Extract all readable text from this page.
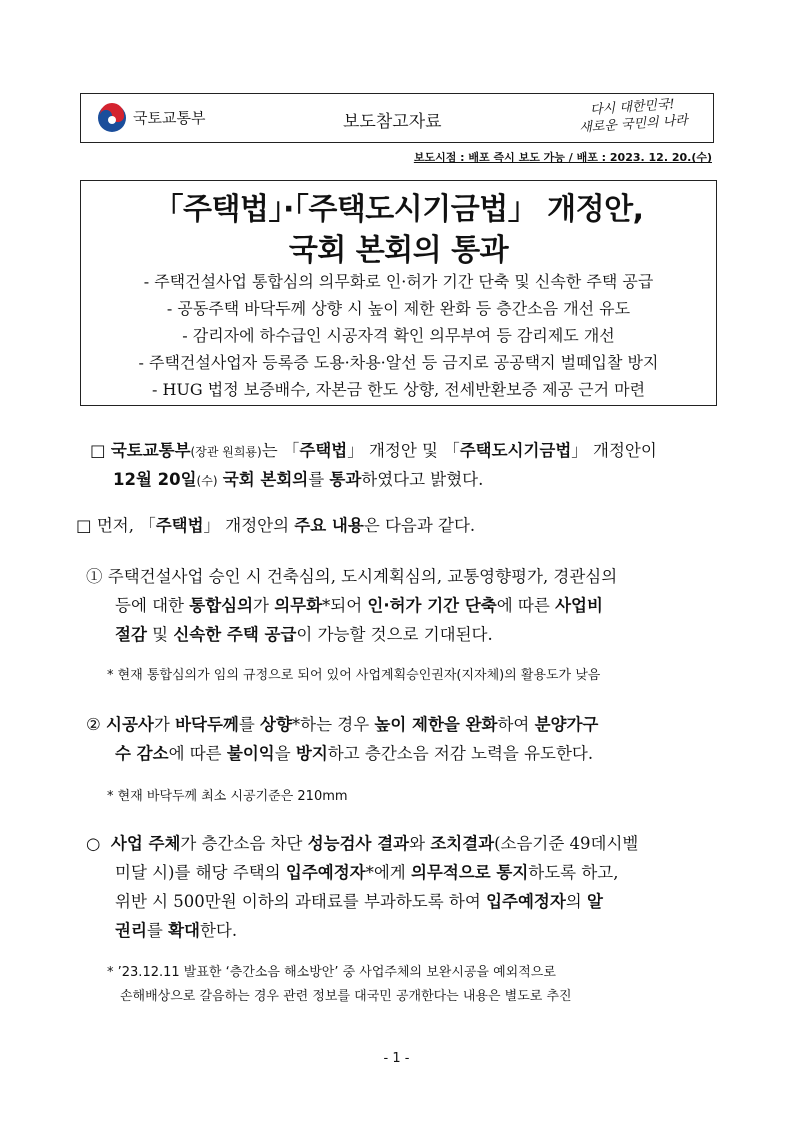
국토교통부	보도참고자료
다시 대한민국!
새로운 국민의 나라
보도시점 : 배포 즉시 보도 가능 / 배포 : 2023. 12. 20.(수)
「주택법」·「주택도시기금법」 개정안,
국회 본회의 통과
- 주택건설사업 통합심의 의무화로 인·허가 기간 단축 및 신속한 주택 공급
- 공동주택 바닥두께 상향 시 높이 제한 완화 등 층간소음 개선 유도
- 감리자에 하수급인 시공자격 확인 의무부여 등 감리제도 개선
- 주택건설사업자 등록증 도용·차용·알선 등 금지로 공공택지 벌떼입찰 방지
- HUG 법정 보증배수, 자본금 한도 상향, 전세반환보증 제공 근거 마련
□ 국토교통부(장관 원희룡)는 「주택법」 개정안 및 「주택도시기금법」 개정안이
12월 20일(수) 국회 본회의를 통과하였다고 밝혔다.
□ 먼저, 「주택법」 개정안의 주요 내용은 다음과 같다.
① 주택건설사업 승인 시 건축심의, 도시계획심의, 교통영향평가, 경관심의
등에 대한 통합심의가 의무화*되어 인·허가 기간 단축에 따른 사업비
절감 및 신속한 주택 공급이 가능할 것으로 기대된다.
* 현재 통합심의가 임의 규정으로 되어 있어 사업계획승인권자(지자체)의 활용도가 낮음
② 시공사가 바닥두께를 상향*하는 경우 높이 제한을 완화하여 분양가구
수 감소에 따른 불이익을 방지하고 층간소음 저감 노력을 유도한다.
* 현재 바닥두께 최소 시공기준은 210mm
○ 사업 주체가 층간소음 차단 성능검사 결과와 조치결과(소음기준 49데시벨
미달 시)를 해당 주택의 입주예정자*에게 의무적으로 통지하도록 하고,
위반 시 500만원 이하의 과태료를 부과하도록 하여 입주예정자의 알
권리를 확대한다.
* ’23.12.11 발표한 ‘층간소음 해소방안’ 중 사업주체의 보완시공을 예외적으로
손해배상으로 갈음하는 경우 관련 정보를 대국민 공개한다는 내용은 별도로 추진
- 1 -
